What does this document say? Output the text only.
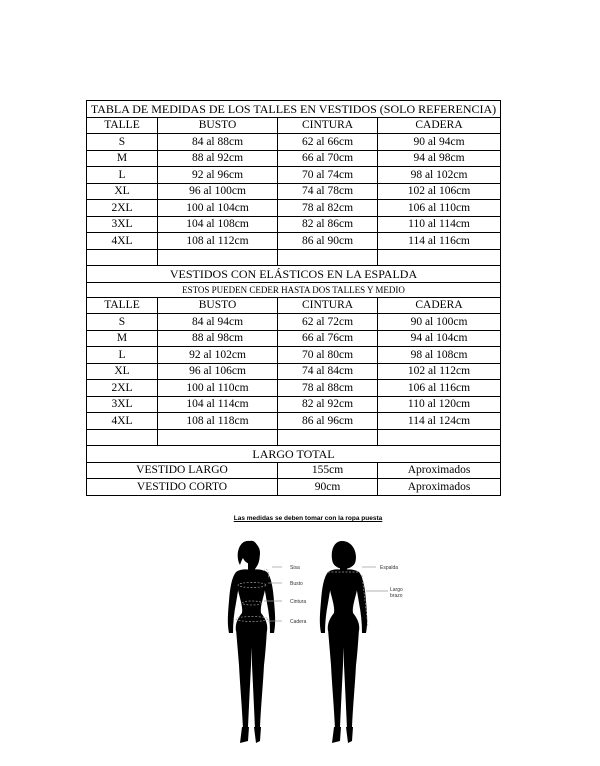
TABLA DE MEDIDAS DE LOS TALLES EN VESTIDOS (SOLO REFERENCIA)			
TALLE	BUSTO	CINTURA	CADERA
S	84 al 88cm	62 al 66cm	90 al 94cm
M	88 al 92cm	66 al 70cm	94 al 98cm
L	92 al 96cm	70 al 74cm	98 al 102cm
XL	96 al 100cm	74 al 78cm	102 al 106cm
2XL	100 al 104cm	78 al 82cm	106 al 110cm
3XL	104 al 108cm	82 al 86cm	110 al 114cm
4XL	108 al 112cm	86 al 90cm	114 al 116cm

VESTIDOS CON ELÁSTICOS EN LA ESPALDA			
ESTOS PUEDEN CEDER HASTA DOS TALLES Y MEDIO			
TALLE	BUSTO	CINTURA	CADERA
S	84 al 94cm	62 al 72cm	90 al 100cm
M	88 al 98cm	66 al 76cm	94 al 104cm
L	92 al 102cm	70 al 80cm	98 al 108cm
XL	96 al 106cm	74 al 84cm	102 al 112cm
2XL	100 al 110cm	78 al 88cm	106 al 116cm
3XL	104 al 114cm	82 al 92cm	110 al 120cm
4XL	108 al 118cm	86 al 96cm	114 al 124cm

LARGO TOTAL			
VESTIDO LARGO		155cm	Aproximados
VESTIDO CORTO		90cm	Aproximados
Las medidas se deben tomar con la ropa puesta
Sisa
Busto
Cintura
Cadera
Espalda
Largo
brazo
